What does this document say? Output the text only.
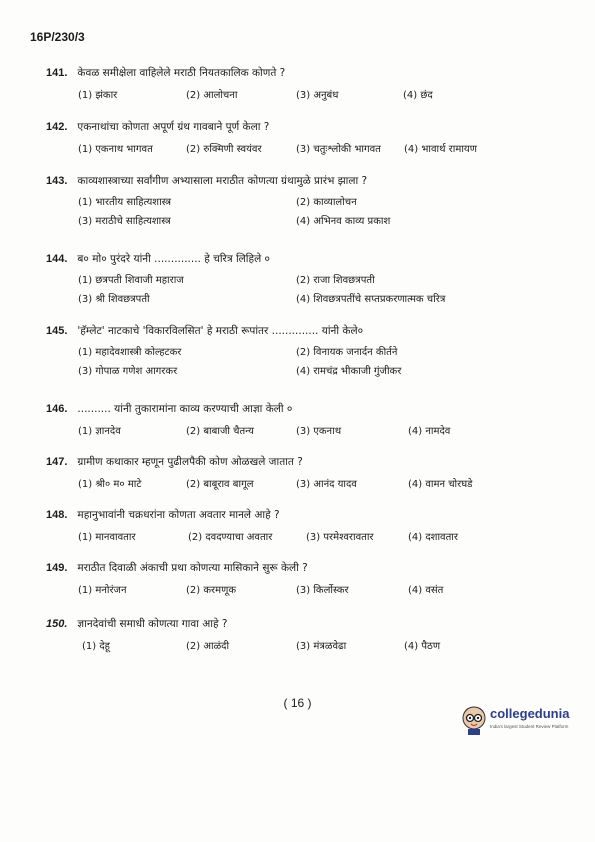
16P/230/3
141. केवळ समीक्षेला वाहिलेले मराठी नियतकालिक कोणते ?
(1) झंकार	(2) आलोचना	(3) अनुबंध	(4) छंद
142. एकनाथांचा कोणता अपूर्ण ग्रंथ गावबाने पूर्ण केला ?
(1) एकनाथ भागवत	(2) रुक्मिणी स्वयंवर	(3) चतुःश्लोकी भागवत (4) भावार्थ रामायण
143. काव्यशास्त्राच्या सर्वांगीण अभ्यासाला मराठीत कोणत्या ग्रंथामुळे प्रारंभ झाला ?
(1) भारतीय साहित्यशास्त्र	(2) काव्यालोचन
(3) मराठीचे साहित्यशास्त्र	(4) अभिनव काव्य प्रकाश
144. ब० मो० पुरंदरे यांनी .............. हे चरित्र लिहिले ०
(1) छत्रपती शिवाजी महाराज	(2) राजा शिवछत्रपती
(3) श्री शिवछत्रपती	(4) शिवछत्रपतींचे सप्तप्रकरणात्मक चरित्र
145. 'हॅम्लेट' नाटकाचे 'विकारविलसित' हे मराठी रूपांतर .............. यांनी केले०
(1) महादेवशास्त्री कोल्हटकर	(2) विनायक जनार्दन कीर्तने
(3) गोपाळ गणेश आगरकर	(4) रामचंद्र भीकाजी गुंजीकर
146. .......... यांनी तुकारामांना काव्य करण्याची आज्ञा केली ०
(1) ज्ञानदेव	(2) बाबाजी चैतन्य	(3) एकनाथ	(4) नामदेव
147. ग्रामीण कथाकार म्हणून पुढीलपैकी कोण ओळखले जातात ?
(1) श्री० म० माटे	(2) बाबूराव बागूल	(3) आनंद यादव	(4) वामन चोरघडे
148. महानुभावांनी चक्रधरांना कोणता अवतार मानले आहे ?
(1) मानवावतार	(2) दवदण्याचा अवतार	(3) परमेश्वरावतार	(4) दशावतार
149. मराठीत दिवाळी अंकाची प्रथा कोणत्या मासिकाने सुरू केली ?
(1) मनोरंजन	(2) करमणूक	(3) किर्लोस्कर	(4) वसंत
150. ज्ञानदेवांची समाधी कोणत्या गावा आहे ?
(1) देहू	(2) आळंदी	(3) मंत्रळवेढा	(4) पैठण
( 16 )
collegedunia
India's largest Student Review Platform
